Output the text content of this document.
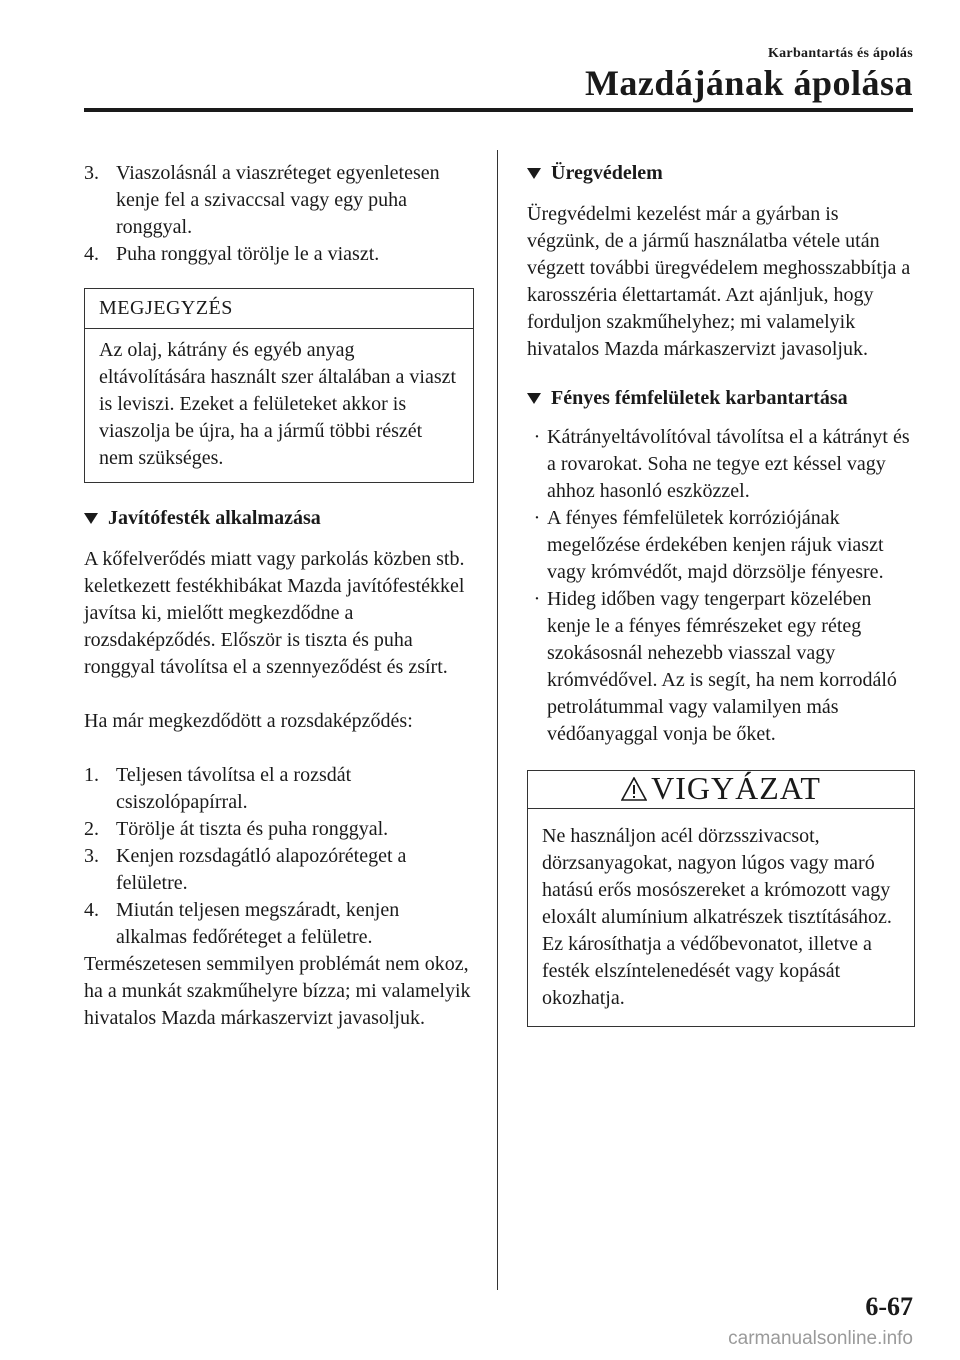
Karbantartás és ápolás
Mazdájának ápolása
3. Viaszolásnál a viaszréteget egyenletesen kenje fel a szivaccsal vagy egy puha ronggyal.
4. Puha ronggyal törölje le a viaszt.
MEGJEGYZÉS
Az olaj, kátrány és egyéb anyag eltávolítására használt szer általában a viaszt is leviszi. Ezeket a felületeket akkor is viaszolja be újra, ha a jármű többi részét nem szükséges.
Javítófesték alkalmazása

A kőfelverődés miatt vagy parkolás közben stb. keletkezett festékhibákat Mazda javítófestékkel javítsa ki, mielőtt megkezdődne a rozsdaképződés. Először is tiszta és puha ronggyal távolítsa el a szennyeződést és zsírt.

Ha már megkezdődött a rozsdaképződés:

1. Teljesen távolítsa el a rozsdát csiszolópapírral.
2. Törölje át tiszta és puha ronggyal.
3. Kenjen rozsdagátló alapozóréteget a felületre.
4. Miután teljesen megszáradt, kenjen alkalmas fedőréteget a felületre.

Természetesen semmilyen problémát nem okoz, ha a munkát szakműhelyre bízza; mi valamelyik hivatalos Mazda márkaszervizt javasoljuk.

Üregvédelem

Üregvédelmi kezelést már a gyárban is végzünk, de a jármű használatba vétele után végzett további üregvédelem meghosszabbítja a karosszéria élettartamát. Azt ajánljuk, hogy forduljon szakműhelyhez; mi valamelyik hivatalos Mazda márkaszervizt javasoljuk.

Fényes fémfelületek karbantartása
· Kátrányeltávolítóval távolítsa el a kátrányt és a rovarokat. Soha ne tegye ezt késsel vagy ahhoz hasonló eszközzel.
· A fényes fémfelületek korróziójának megelőzése érdekében kenjen rájuk viaszt vagy krómvédőt, majd dörzsölje fényesre.
· Hideg időben vagy tengerpart közelében kenje le a fényes fémrészeket egy réteg szokásosnál nehezebb viasszal vagy krómvédővel. Az is segít, ha nem korrodáló petrolátummal vagy valamilyen más védőanyaggal vonja be őket.
VIGYÁZAT
Ne használjon acél dörzsszivacsot, dörzsanyagokat, nagyon lúgos vagy maró hatású erős mosószereket a krómozott vagy eloxált alumínium alkatrészek tisztításához. Ez károsíthatja a védőbevonatot, illetve a festék elszíntelenedését vagy kopását okozhatja.
6-67
carmanualsonline.info
